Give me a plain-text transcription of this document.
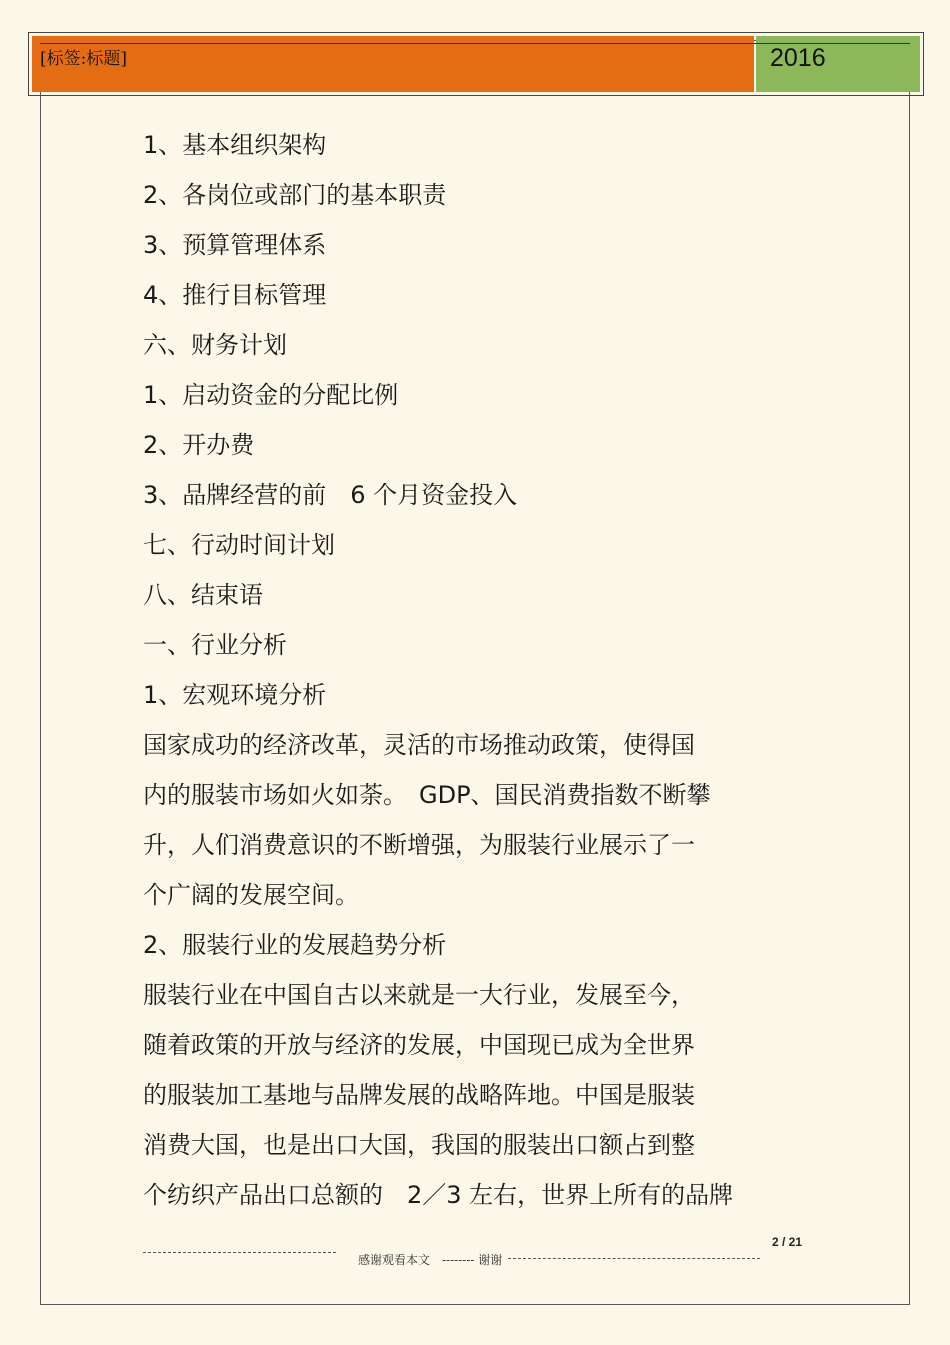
[标签:标题]	2016
1、基本组织架构
2、各岗位或部门的基本职责
3、预算管理体系
4、推行目标管理
六、财务计划
1、启动资金的分配比例
2、开办费
3、品牌经营的前　6 个月资金投入
七、行动时间计划
八、结束语
一、行业分析
1、宏观环境分析
国家成功的经济改革，灵活的市场推动政策，使得国
内的服装市场如火如荼。　GDP、国民消费指数不断攀
升，人们消费意识的不断增强，为服装行业展示了一
个广阔的发展空间。
2、服装行业的发展趋势分析
服装行业在中国自古以来就是一大行业，发展至今，
随着政策的开放与经济的发展，中国现已成为全世界
的服装加工基地与品牌发展的战略阵地。中国是服装
消费大国，也是出口大国，我国的服装出口额占到整
个纺织产品出口总额的　2／3 左右，世界上所有的品牌
2 / 21
感谢观看本文　-------- 谢谢
